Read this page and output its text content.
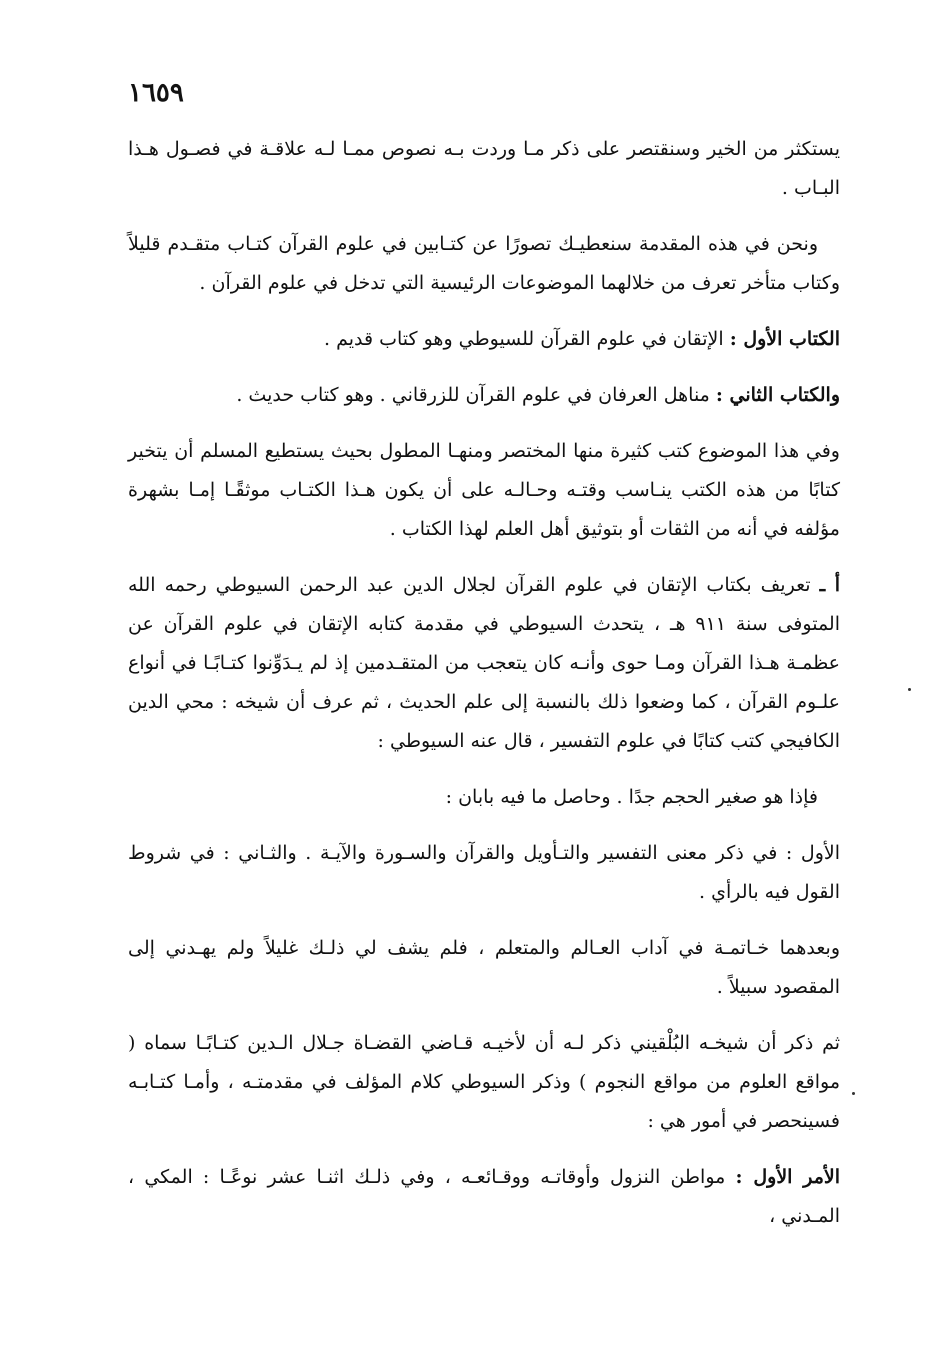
١٦٥٩

يستكثر من الخير وسنقتصر على ذكر مـا وردت بـه نصوص ممـا لـه علاقـة في فصـول هـذا البـاب .

ونحن في هذه المقدمة سنعطيـك تصورًا عن كتـابين في علوم القرآن كتـاب متقـدم قليلاً وكتاب متأخر تعرف من خلالهما الموضوعات الرئيسية التي تدخل في علوم القرآن .

الكتاب الأول : الإتقان في علوم القرآن للسيوطي وهو كتاب قديم .

والكتاب الثاني : مناهل العرفان في علوم القرآن للزرقاني . وهو كتاب حديث .

وفي هذا الموضوع كتب كثيرة منها المختصر ومنهـا المطول بحيث يستطيع المسلم أن يتخير كتابًا من هذه الكتب ينـاسب وقتـه وحـالـه على أن يكون هـذا الكتـاب موثقًـا إمـا بشهرة مؤلفه في أنه من الثقات أو بتوثيق أهل العلم لهذا الكتاب .

أ ـ تعريف بكتاب الإتقان في علوم القرآن لجلال الدين عبد الرحمن السيوطي رحمه الله المتوفى سنة ٩١١ هـ ، يتحدث السيوطي في مقدمة كتابه الإتقان في علوم القرآن عن عظمـة هـذا القرآن ومـا حوى وأنـه كان يتعجب من المتقـدمين إذ لم يـدَوِّنوا كتـابًـا في أنواع علـوم القرآن ، كما وضعوا ذلك بالنسبة إلى علم الحديث ، ثم عرف أن شيخه : محي الدين الكافيجي كتب كتابًا في علوم التفسير ، قال عنه السيوطي :

فإذا هو صغير الحجم جدًا . وحاصل ما فيه بابان :

الأول : في ذكر معنى التفسير والتـأويل والقرآن والسـورة والآيـة . والثـاني : في شروط القول فيه بالرأي .

وبعدهما خـاتمـة في آداب العـالم والمتعلم ، فلم يشف لي ذلـك غليلاً ولم يهـدني إلى المقصود سبيلاً .

ثم ذكر أن شيخـه البُلْقيني ذكر لـه أن لأخيـه قـاضي القضـاة جـلال الـدين كتـابًـا سماه ( مواقع العلوم من مواقع النجوم ) وذكر السيوطي كلام المؤلف في مقدمتـه ، وأمـا كتـابـه فسينحصر في أمور هي :

الأمر الأول : مواطن النزول وأوقاتـه ووقـائعـه ، وفي ذلـك اثنـا عشر نوعًـا : المكي ، المـدني ،
